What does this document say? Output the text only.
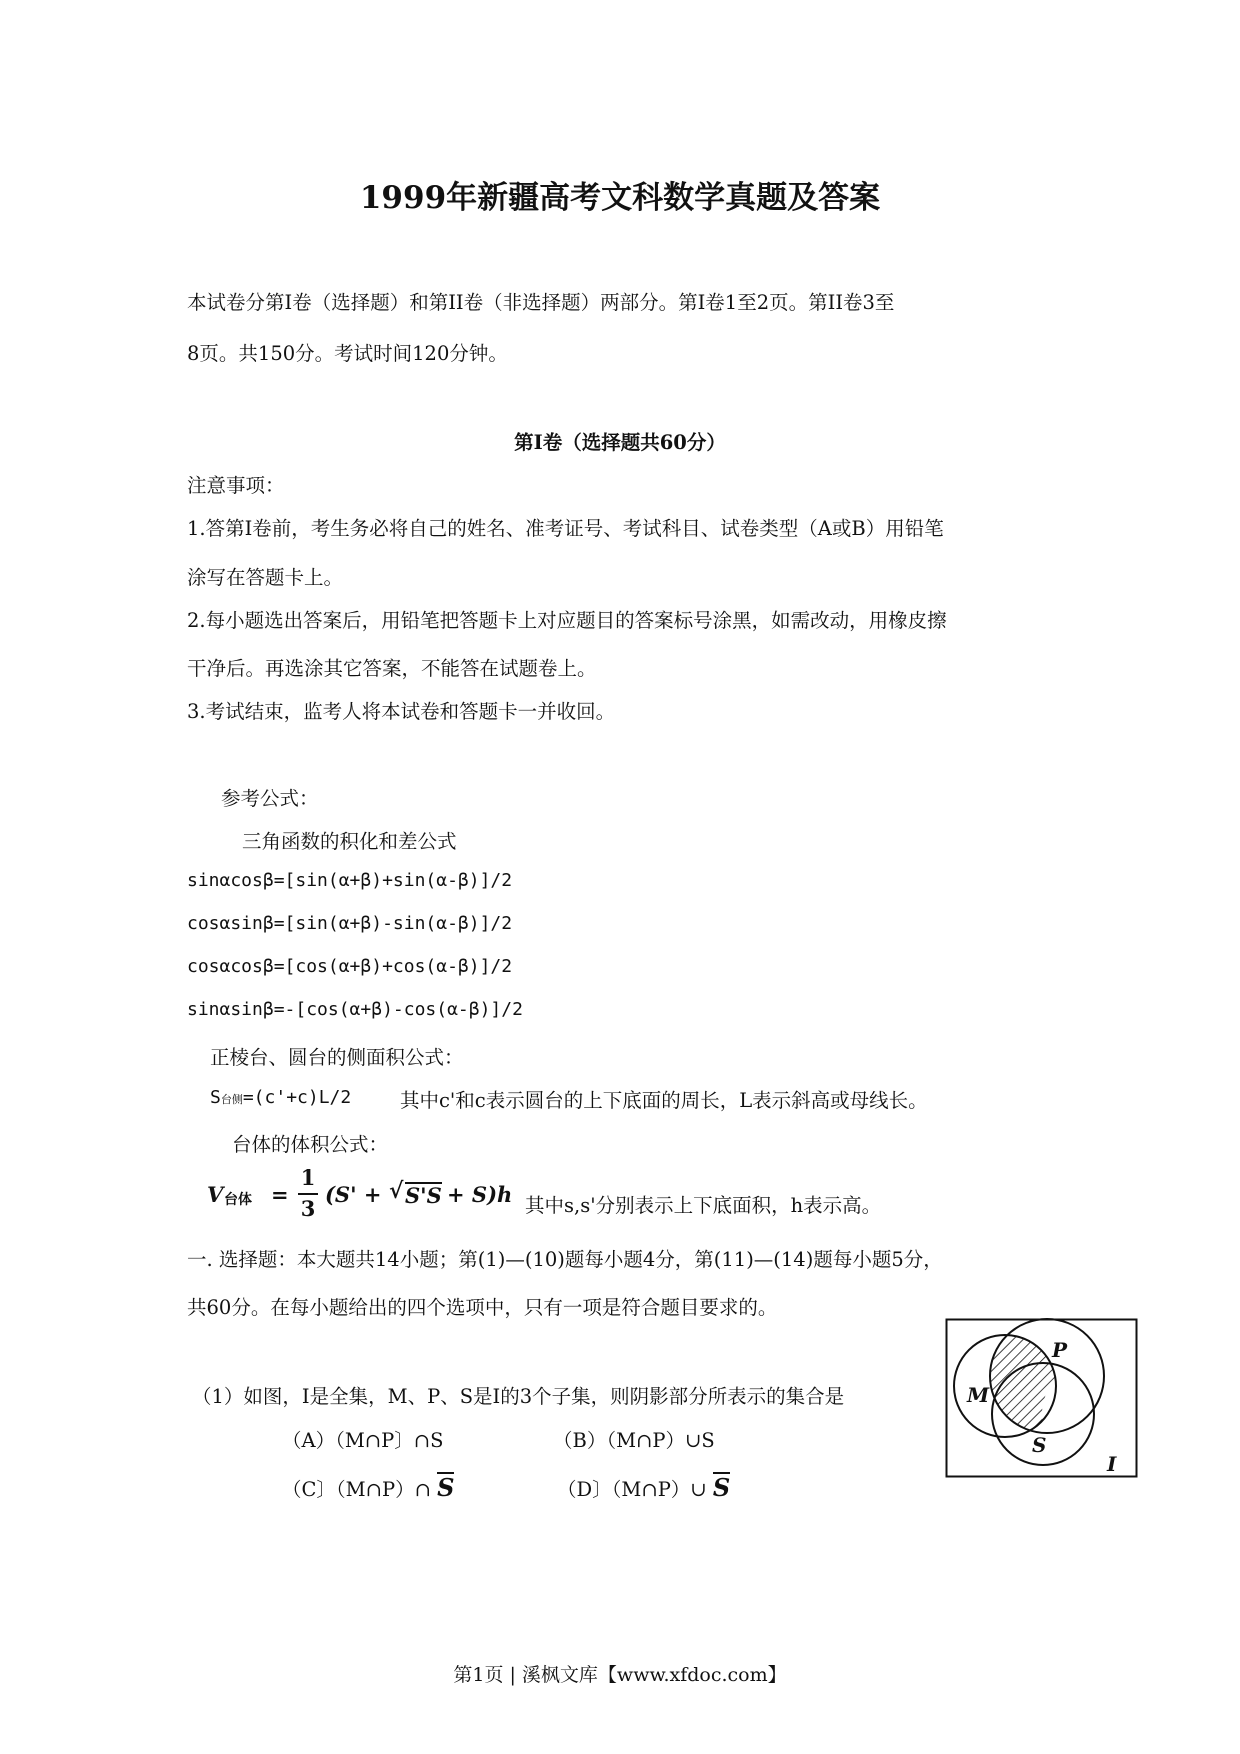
1999年新疆高考文科数学真题及答案
本试卷分第Ⅰ卷（选择题）和第II卷（非选择题）两部分。第Ⅰ卷1至2页。第II卷3至
8页。共150分。考试时间120分钟。
第Ⅰ卷（选择题共60分）
注意事项：
1.答第Ⅰ卷前，考生务必将自己的姓名、准考证号、考试科目、试卷类型（A或B）用铅笔
涂写在答题卡上。
2.每小题选出答案后，用铅笔把答题卡上对应题目的答案标号涂黑，如需改动，用橡皮擦
干净后。再选涂其它答案，不能答在试题卷上。
3.考试结束，监考人将本试卷和答题卡一并收回。
参考公式：
三角函数的积化和差公式
sinαcosβ=[sin(α+β)+sin(α-β)]/2
cosαsinβ=[sin(α+β)-sin(α-β)]/2
cosαcosβ=[cos(α+β)+cos(α-β)]/2
sinαsinβ=-[cos(α+β)-cos(α-β)]/2
正棱台、圆台的侧面积公式：
S台侧=(c'+c)L/2	其中c'和c表示圆台的上下底面的周长，L表示斜高或母线长。
台体的体积公式：
V 台体 =
1
3
(S' + √ S'S + S)h 其中s,s'分别表示上下底面积，h表示高。
一. 选择题：本大题共14小题；第(1)—(10)题每小题4分，第(11)—(14)题每小题5分，
共60分。在每小题给出的四个选项中，只有一项是符合题目要求的。
（1）如图，I是全集，M、P、S是I的3个子集，则阴影部分所表示的集合是
（A）（M∩P〕∩S	（B）（M∩P）∪S
（C〕（M∩P）∩ S	（D〕（M∩P）∪ S
M
P
S
I
第1页 | 溪枫文库【www.xfdoc.com】
